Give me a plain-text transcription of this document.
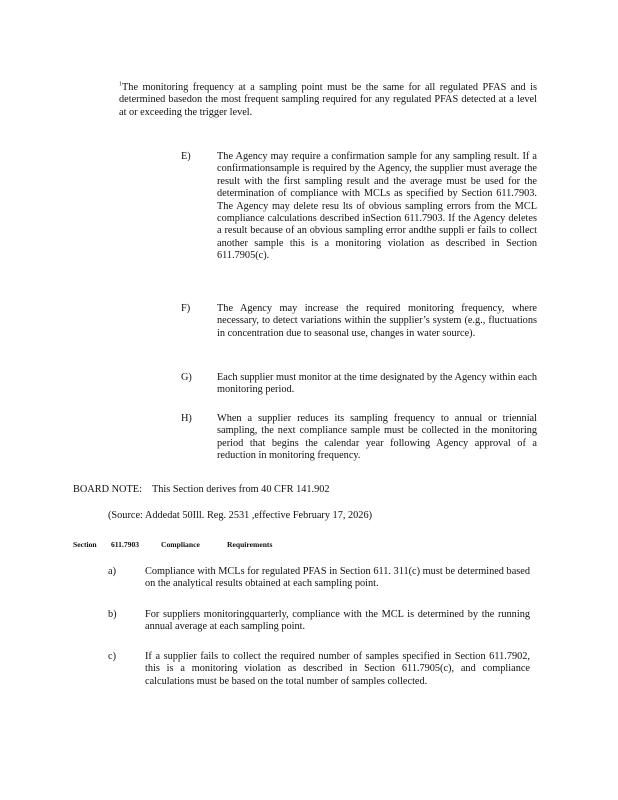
$^1$The monitoring frequency at a sampling point must be the same for all regulated PFAS and is determined basedon the most frequent sampling required for any regulated PFAS detected at a level at or exceeding the trigger level.
E)	The Agency may require a confirmation sample for any sampling result. If a confirmationsample is required by the Agency, the supplier must average the result with the first sampling result and the average must be used for the determination of compliance with MCLs as specified by Section 611.7903. The Agency may delete resu lts of obvious sampling errors from the MCL compliance calculations described inSection 611.7903. If the Agency deletes a result because of an obvious sampling error andthe suppli er fails to collect another sample this is a monitoring violation as described in Section 611.7905(c).
F)	The Agency may increase the required monitoring frequency, where necessary, to detect variations within the supplier’s system (e.g., fluctuations in concentration due to seasonal use, changes in water source).
G) Each supplier must monitor at the time designated by the Agency within each monitoring period.
H) When a supplier reduces its sampling frequency to annual or triennial sampling, the next compliance sample must be collected in the monitoring period that begins the calendar year following Agency approval of a reduction in monitoring frequency.
BOARD NOTE: This Section derives from 40 CFR 141.902
(Source: Addedat 50Ill. Reg. 2531 ,effective February 17, 2026)
Section 611.7903	Compliance	Requirements
a)	Compliance with MCLs for regulated PFAS in Section 611. 311(c) must be determined based on the analytical results obtained at each sampling point.
b)	For suppliers monitoringquarterly, compliance with the MCL is determined by the running annual average at each sampling point.
c)	If a supplier fails to collect the required number of samples specified in Section 611.7902, this is a monitoring violation as described in Section 611.7905(c), and compliance calculations must be based on the total number of samples collected.
